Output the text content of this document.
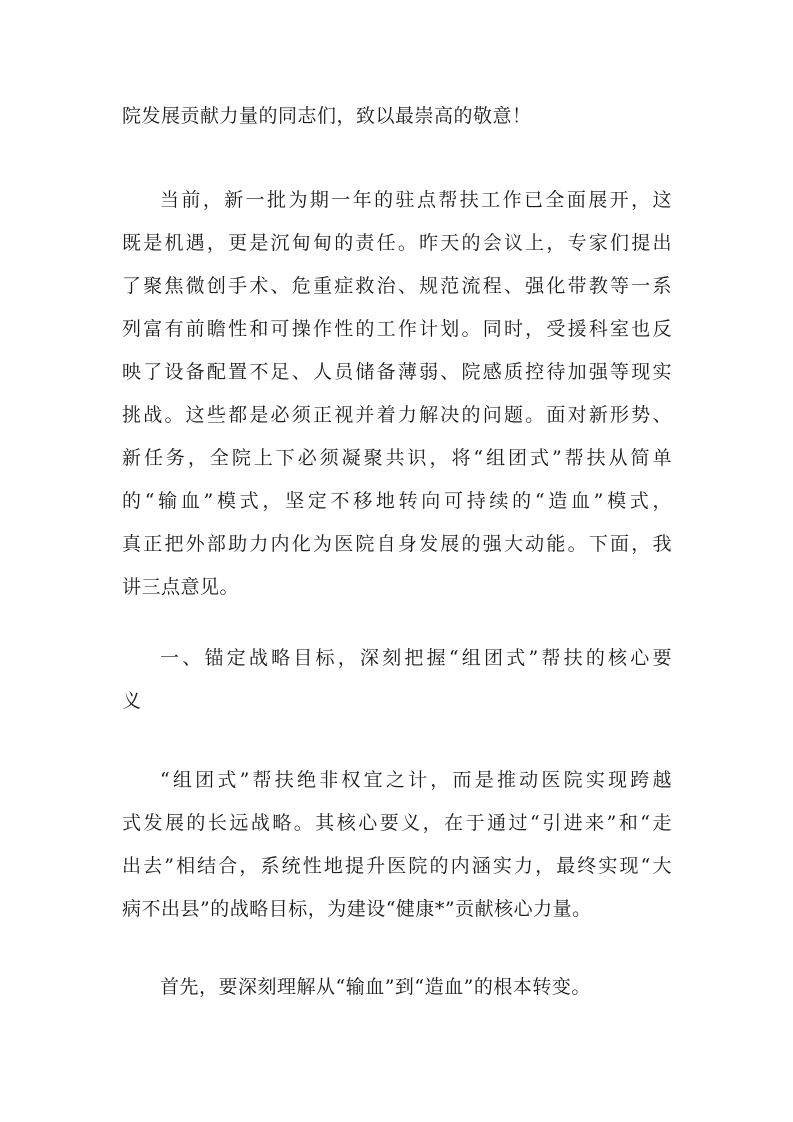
院发展贡献力量的同志们，致以最崇高的敬意！
当前，新一批为期一年的驻点帮扶工作已全面展开，这
既是机遇，更是沉甸甸的责任。昨天的会议上，专家们提出
了聚焦微创手术、危重症救治、规范流程、强化带教等一系
列富有前瞻性和可操作性的工作计划。同时，受援科室也反
映了设备配置不足、人员储备薄弱、院感质控待加强等现实
挑战。这些都是必须正视并着力解决的问题。面对新形势、
新任务，全院上下必须凝聚共识，将“组团式”帮扶从简单
的“输血”模式，坚定不移地转向可持续的“造血”模式，
真正把外部助力内化为医院自身发展的强大动能。下面，我
讲三点意见。
一、锚定战略目标，深刻把握“组团式”帮扶的核心要
义
“组团式”帮扶绝非权宜之计，而是推动医院实现跨越
式发展的长远战略。其核心要义，在于通过“引进来”和“走
出去”相结合，系统性地提升医院的内涵实力，最终实现“大
病不出县”的战略目标，为建设“健康*”贡献核心力量。
首先，要深刻理解从“输血”到“造血”的根本转变。
